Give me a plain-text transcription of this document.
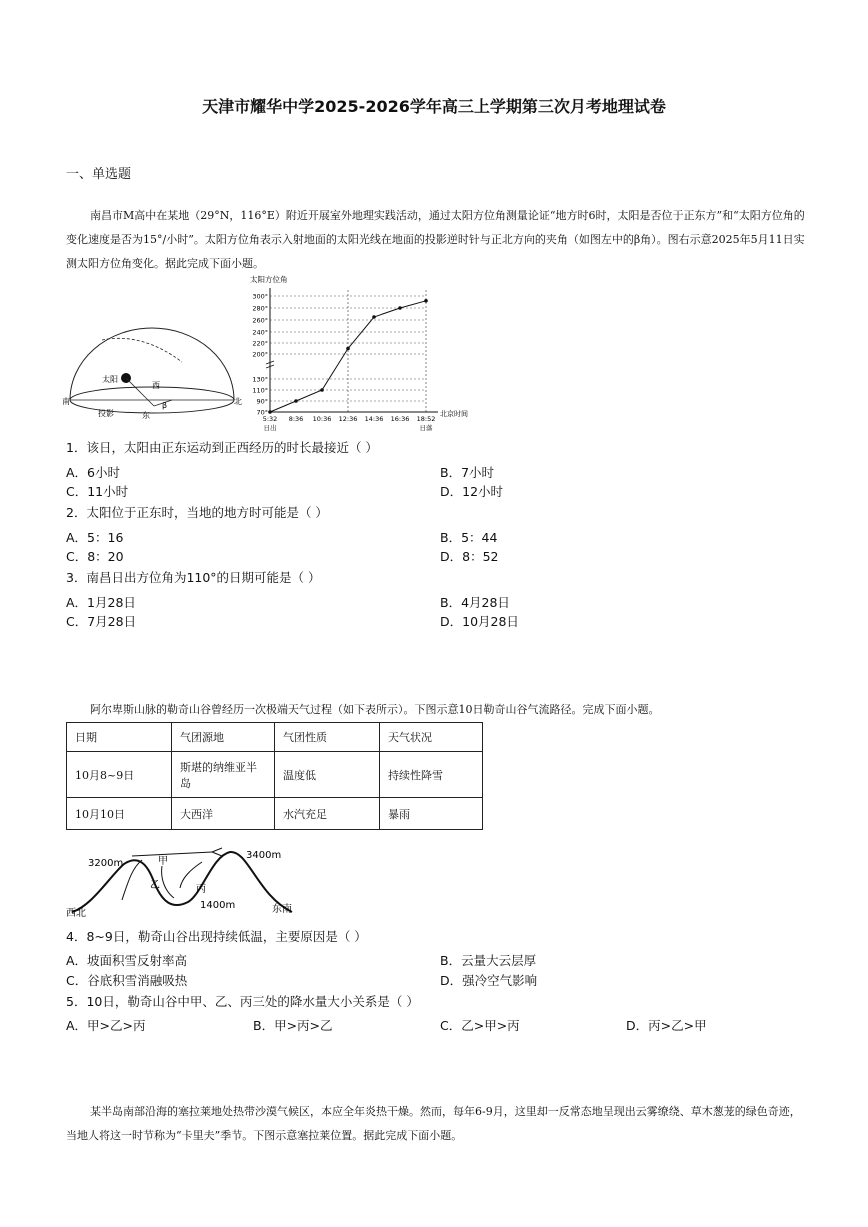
天津市耀华中学2025-2026学年高三上学期第三次月考地理试卷
一、单选题
南昌市M高中在某地（29°N，116°E）附近开展室外地理实践活动，通过太阳方位角测量论证“地方时6时，太阳是否位于正东方”和“太阳方位角的变化速度是否为15°/小时”。太阳方位角表示入射地面的太阳光线在地面的投影逆时针与正北方向的夹角（如图左中的β角）。图右示意2025年5月11日实测太阳方位角变化。据此完成下面小题。
太阳
西
东
南	北
β
投影
太阳方位角
北京时间
70°
90°
110°
130°
200°
220°
240°
260°
280°
300°
5:32 8:36 10:36 12:36 14:36 16:36 18:52
日出	日落
1．该日，太阳由正东运动到正西经历的时长最接近（ ）
A．6小时	B．7小时
C．11小时	D．12小时
2．太阳位于正东时，当地的地方时可能是（ ）
A．5：16	B．5：44
C．8：20	D．8：52
3．南昌日出方位角为110°的日期可能是（ ）
A．1月28日	B．4月28日
C．7月28日	D．10月28日
阿尔卑斯山脉的勒奇山谷曾经历一次极端天气过程（如下表所示）。下图示意10日勒奇山谷气流路径。完成下面小题。
日期	气团源地	气团性质	天气状况
10月8~9日	斯堪的纳维亚半岛	温度低	持续性降雪
10月10日	大西洋	水汽充足	暴雨
3200m
3400m
1400m
甲
乙	丙
西北	东南
4．8~9日，勒奇山谷出现持续低温，主要原因是（ ）
A．坡面积雪反射率高	B．云量大云层厚
C．谷底积雪消融吸热	D．强冷空气影响
5．10日，勒奇山谷中甲、乙、丙三处的降水量大小关系是（ ）
A．甲>乙>丙	B．甲>丙>乙	C．乙>甲>丙	D．丙>乙>甲
某半岛南部沿海的塞拉莱地处热带沙漠气候区，本应全年炎热干燥。然而，每年6-9月，这里却一反常态地呈现出云雾缭绕、草木葱茏的绿色奇迹，当地人将这一时节称为“卡里夫”季节。下图示意塞拉莱位置。据此完成下面小题。
